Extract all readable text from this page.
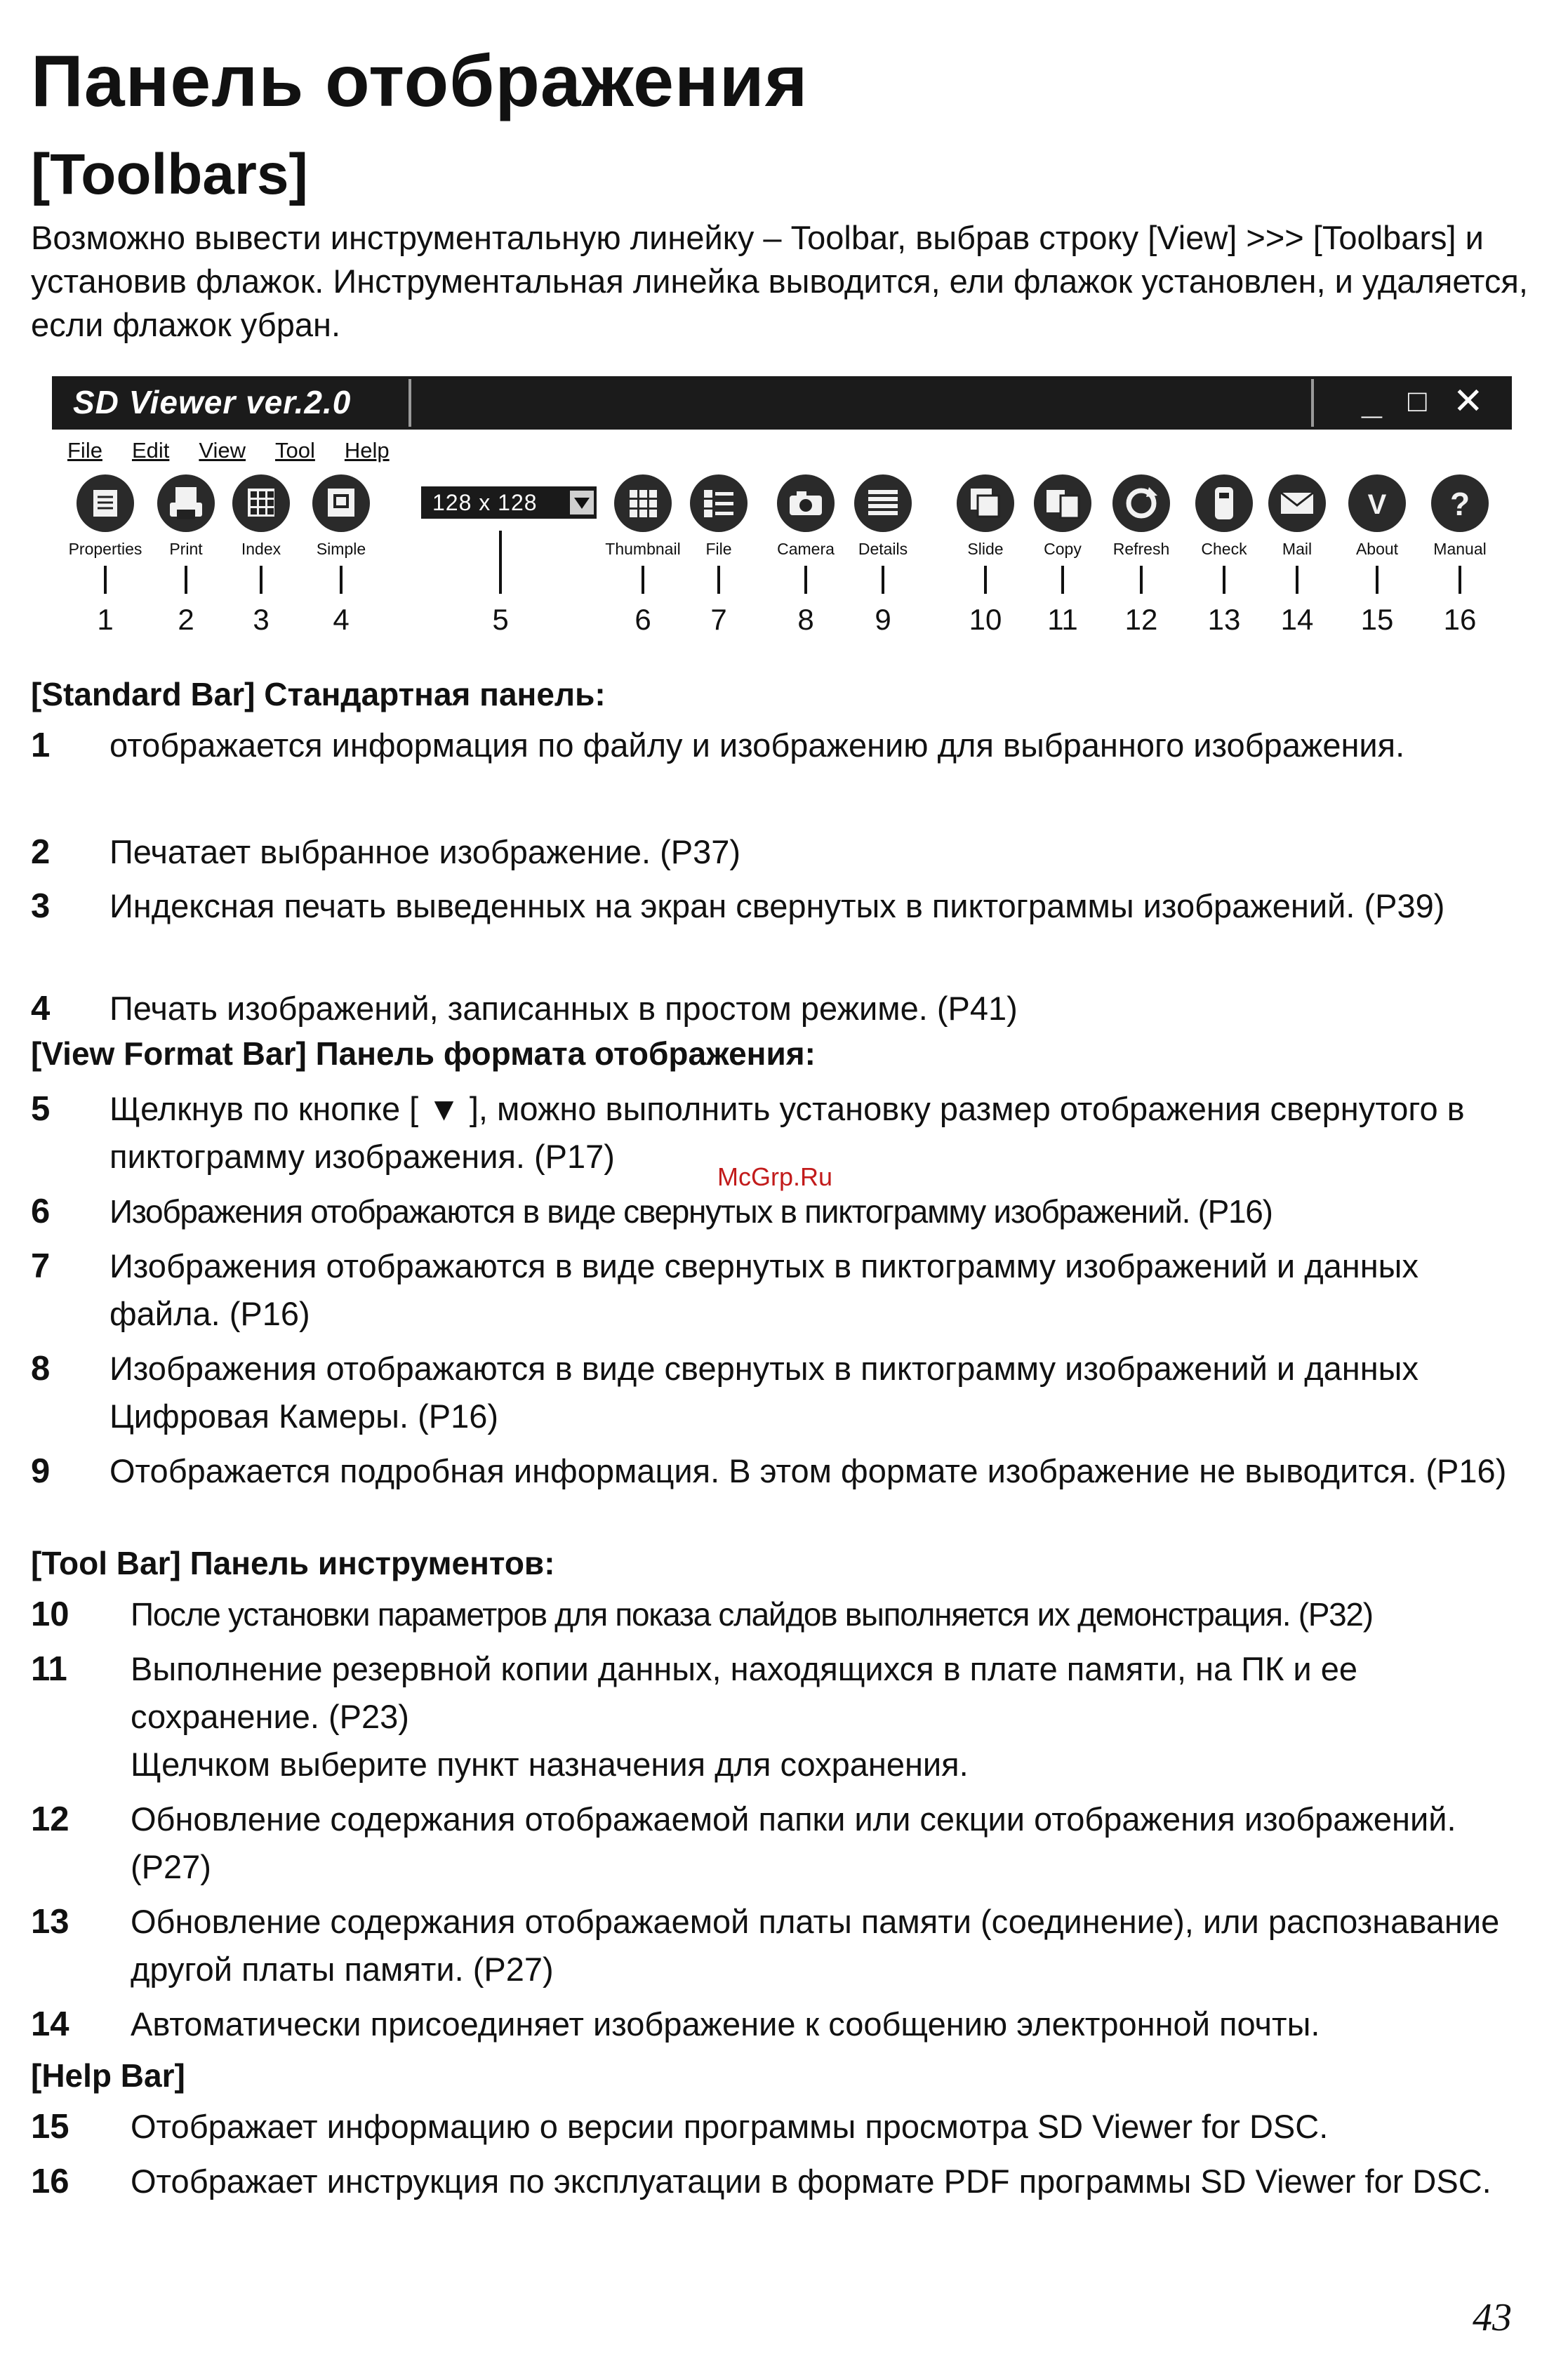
Панель отображения
[Toolbars]

Возможно вывести инструментальную линейку – Toolbar, выбрав строку [View] >>> [Toolbars] и установив флажок. Инструментальная линейка выводится, ели флажок установлен, и удаляется, если флажок убран.

SD Viewer ver.2.0	_ □ ✕
File Edit View Tool Help
128 x 128
Properties
1
Print
2
Index
3
Simple
4	5
Thumbnail
6
File
7
Camera
8
Details
9
Slide
10
Copy
11
Refresh
12
Check
13
Mail
14
V
About
15
?
Manual
16
[Standard Bar] Стандартная панель:
[View Format Bar] Панель формата отображения:
[Tool Bar] Панель инструментов:
[Help Bar]
1 отображается информация по файлу и изображению для выбранного изображения.
2 Печатает выбранное изображение. (P37)
3 Индексная печать выведенных на экран свернутых в пиктограммы изображений. (P39)
4 Печать изображений, записанных в простом режиме. (P41)
5 Щелкнув по кнопке [ ▼ ], можно выполнить установку размер отображения свернутого в пиктограмму изображения. (P17)
6 Изображения отображаются в виде свернутых в пиктограмму изображений. (P16)
7 Изображения отображаются в виде свернутых в пиктограмму изображений и данных файла. (P16)
8 Изображения отображаются в виде свернутых в пиктограмму изображений и данных Цифровая Камеры. (P16)
9 Отображается подробная информация. В этом формате изображение не выводится. (P16)
10 После установки параметров для показа слайдов выполняется их демонстрация. (P32)
11 Выполнение резервной копии данных, находящихся в плате памяти, на ПК и ее сохранение. (P23)
Щелчком выберите пункт назначения для сохранения.
12 Обновление содержания отображаемой папки или секции отображения изображений. (P27)
13 Обновление содержания отображаемой платы памяти (соединение), или распознавание другой платы памяти. (P27)
14 Автоматически присоединяет изображение к сообщению электронной почты.
15 Отображает информацию о версии программы просмотра SD Viewer for DSC.
16 Отображает инструкция по эксплуатации в формате PDF программы SD Viewer for DSC.
McGrp.Ru
43
